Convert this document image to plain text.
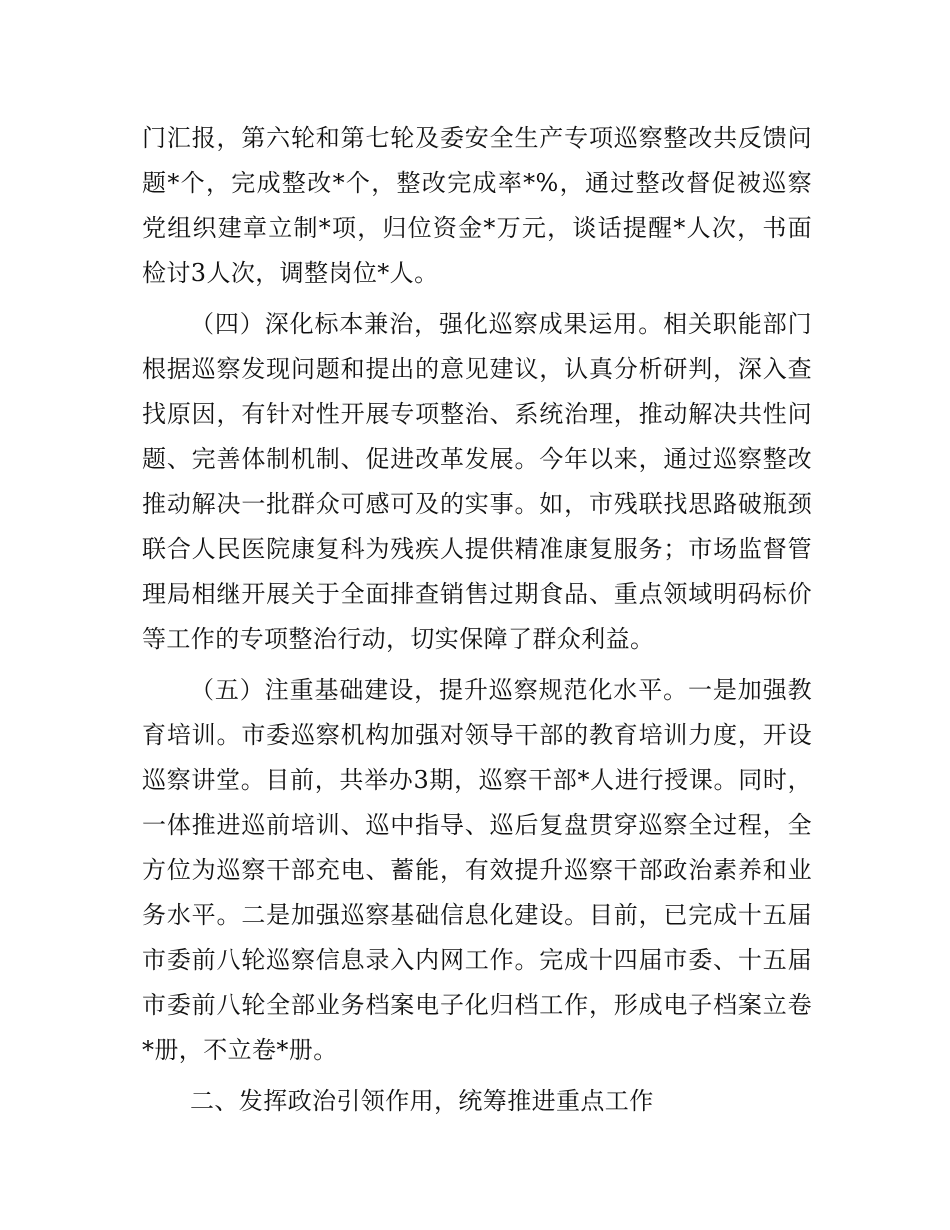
门汇报，第六轮和第七轮及委安全生产专项巡察整改共反馈问题*个，完成整改*个，整改完成率*%，通过整改督促被巡察党组织建章立制*项，归位资金*万元，谈话提醒*人次，书面检讨3人次，调整岗位*人。

（四）深化标本兼治，强化巡察成果运用。相关职能部门根据巡察发现问题和提出的意见建议，认真分析研判，深入查找原因，有针对性开展专项整治、系统治理，推动解决共性问题、完善体制机制、促进改革发展。今年以来，通过巡察整改推动解决一批群众可感可及的实事。如，市残联找思路破瓶颈联合人民医院康复科为残疾人提供精准康复服务；市场监督管理局相继开展关于全面排查销售过期食品、重点领域明码标价等工作的专项整治行动，切实保障了群众利益。

（五）注重基础建设，提升巡察规范化水平。一是加强教育培训。市委巡察机构加强对领导干部的教育培训力度，开设巡察讲堂。目前，共举办3期，巡察干部*人进行授课。同时，一体推进巡前培训、巡中指导、巡后复盘贯穿巡察全过程，全方位为巡察干部充电、蓄能，有效提升巡察干部政治素养和业务水平。二是加强巡察基础信息化建设。目前，已完成十五届市委前八轮巡察信息录入内网工作。完成十四届市委、十五届市委前八轮全部业务档案电子化归档工作，形成电子档案立卷*册，不立卷*册。

二、发挥政治引领作用，统筹推进重点工作
